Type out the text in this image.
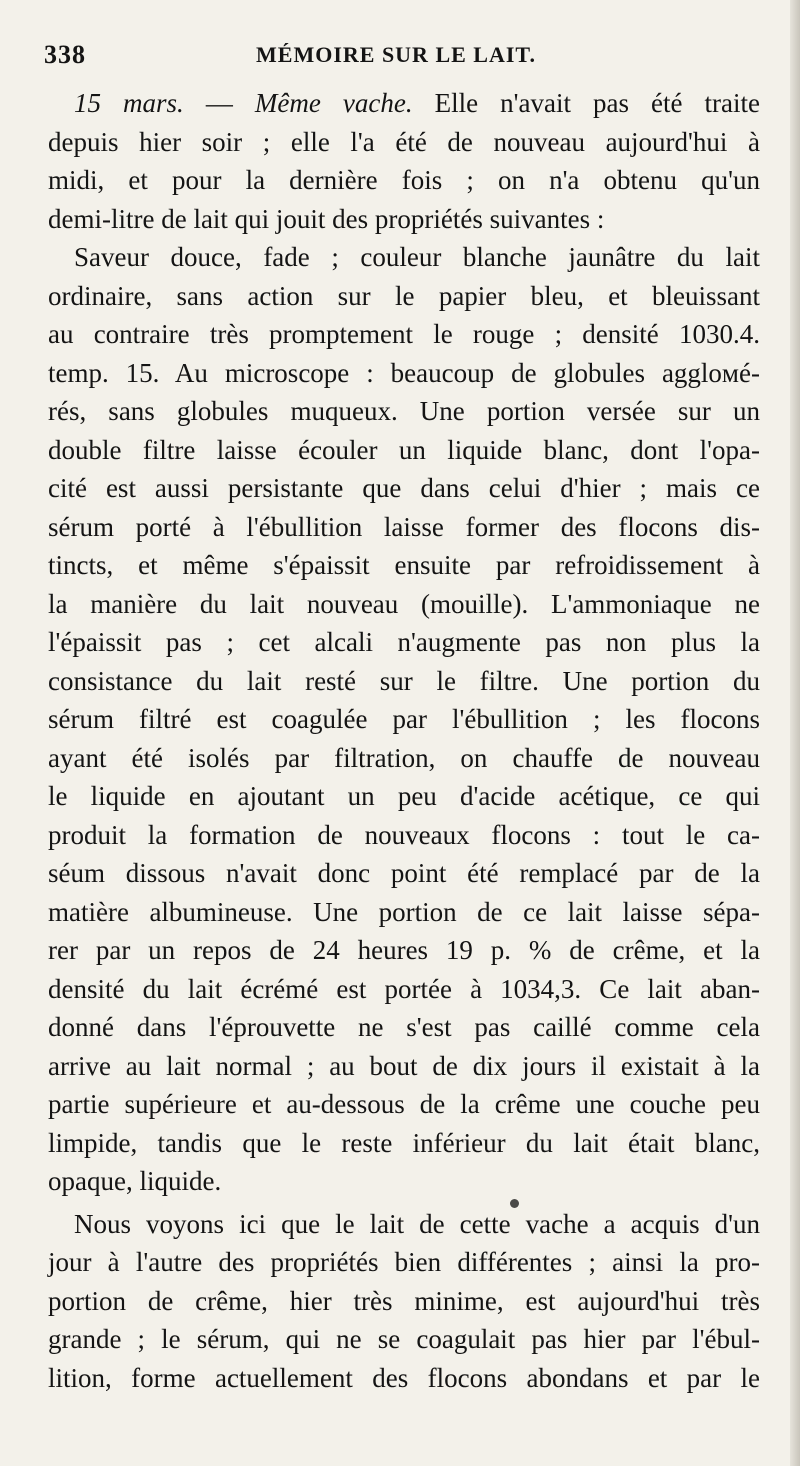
338	MÉMOIRE SUR LE LAIT.
15 mars. — Même vache. Elle n'avait pas été traite
depuis hier soir ; elle l'a été de nouveau aujourd'hui à
midi, et pour la dernière fois ; on n'a obtenu qu'un
demi-litre de lait qui jouit des propriétés suivantes :
Saveur douce, fade ; couleur blanche jaunâtre du lait
ordinaire, sans action sur le papier bleu, et bleuissant
au contraire très promptement le rouge ; densité 1030.4.
temp. 15. Au microscope : beaucoup de globules aggloмé-
rés, sans globules muqueux. Une portion versée sur un
double filtre laisse écouler un liquide blanc, dont l'opa-
cité est aussi persistante que dans celui d'hier ; mais ce
sérum porté à l'ébullition laisse former des flocons dis-
tincts, et même s'épaissit ensuite par refroidissement à
la manière du lait nouveau (mouille). L'ammoniaque ne
l'épaissit pas ; cet alcali n'augmente pas non plus la
consistance du lait resté sur le filtre. Une portion du
sérum filtré est coagulée par l'ébullition ; les flocons
ayant été isolés par filtration, on chauffe de nouveau
le liquide en ajoutant un peu d'acide acétique, ce qui
produit la formation de nouveaux flocons : tout le ca-
séum dissous n'avait donc point été remplacé par de la
matière albumineuse. Une portion de ce lait laisse sépa-
rer par un repos de 24 heures 19 p. % de crême, et la
densité du lait écrémé est portée à 1034,3. Ce lait aban-
donné dans l'éprouvette ne s'est pas caillé comme cela
arrive au lait normal ; au bout de dix jours il existait à la
partie supérieure et au-dessous de la crême une couche peu
limpide, tandis que le reste inférieur du lait était blanc,
opaque, liquide.
Nous voyons ici que le lait de cette vache a acquis d'un
jour à l'autre des propriétés bien différentes ; ainsi la pro-
portion de crême, hier très minime, est aujourd'hui très
grande ; le sérum, qui ne se coagulait pas hier par l'ébul-
lition, forme actuellement des flocons abondans et par le
